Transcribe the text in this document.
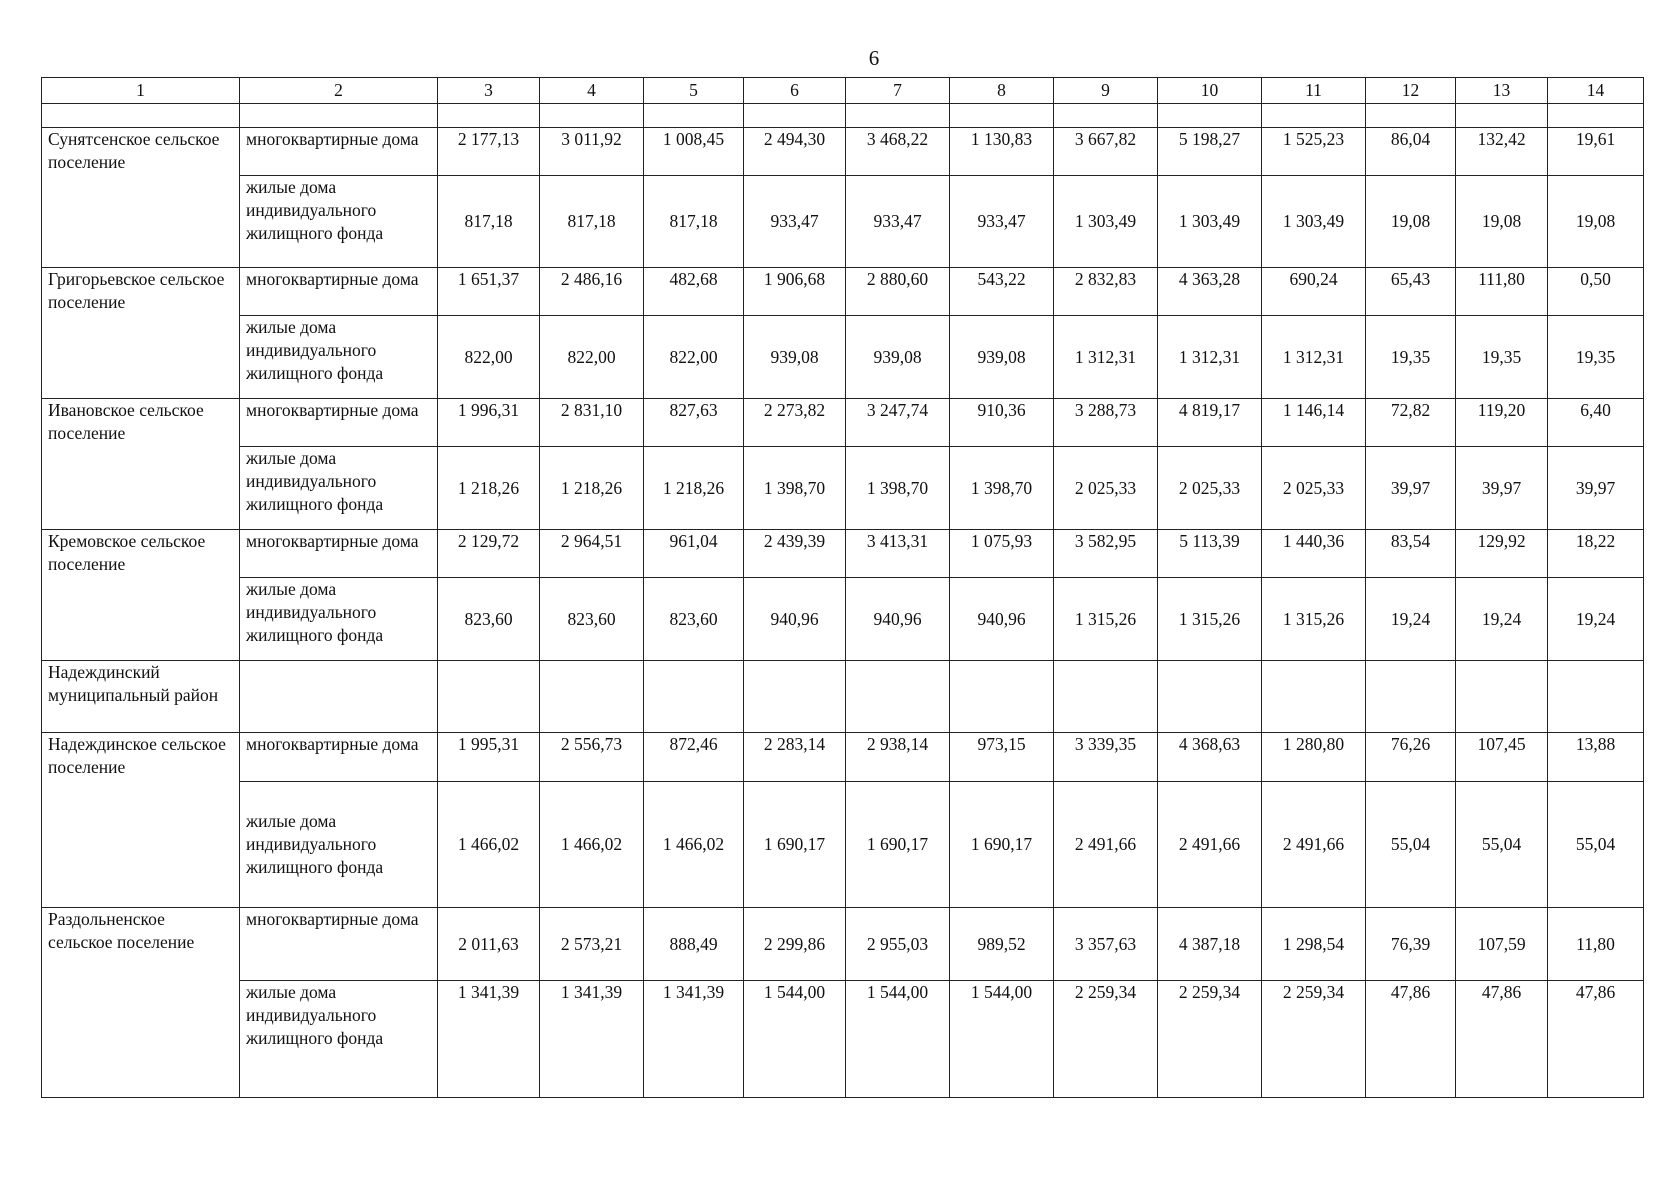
6
1	2	3	4	5	6	7	8	9	10	11	12	13	14

Сунятсенское сельское поселение	многоквартирные дома	2 177,13	3 011,92	1 008,45	2 494,30	3 468,22	1 130,83	3 667,82	5 198,27	1 525,23	86,04	132,42	19,61
	жилые дома индивидуального жилищного фонда	817,18	817,18	817,18	933,47	933,47	933,47	1 303,49	1 303,49	1 303,49	19,08	19,08	19,08
Григорьевское сельское поселение	многоквартирные дома	1 651,37	2 486,16	482,68	1 906,68	2 880,60	543,22	2 832,83	4 363,28	690,24	65,43	111,80	0,50
	жилые дома индивидуального жилищного фонда	822,00	822,00	822,00	939,08	939,08	939,08	1 312,31	1 312,31	1 312,31	19,35	19,35	19,35
Ивановское сельское поселение	многоквартирные дома	1 996,31	2 831,10	827,63	2 273,82	3 247,74	910,36	3 288,73	4 819,17	1 146,14	72,82	119,20	6,40
	жилые дома индивидуального жилищного фонда	1 218,26	1 218,26	1 218,26	1 398,70	1 398,70	1 398,70	2 025,33	2 025,33	2 025,33	39,97	39,97	39,97
Кремовское сельское поселение	многоквартирные дома	2 129,72	2 964,51	961,04	2 439,39	3 413,31	1 075,93	3 582,95	5 113,39	1 440,36	83,54	129,92	18,22
	жилые дома индивидуального жилищного фонда	823,60	823,60	823,60	940,96	940,96	940,96	1 315,26	1 315,26	1 315,26	19,24	19,24	19,24
Надеждинский муниципальный район													
Надеждинское сельское поселение	многоквартирные дома	1 995,31	2 556,73	872,46	2 283,14	2 938,14	973,15	3 339,35	4 368,63	1 280,80	76,26	107,45	13,88
	жилые дома индивидуального жилищного фонда	1 466,02	1 466,02	1 466,02	1 690,17	1 690,17	1 690,17	2 491,66	2 491,66	2 491,66	55,04	55,04	55,04
Раздольненское сельское поселение	многоквартирные дома	2 011,63	2 573,21	888,49	2 299,86	2 955,03	989,52	3 357,63	4 387,18	1 298,54	76,39	107,59	11,80
	жилые дома индивидуального жилищного фонда	1 341,39	1 341,39	1 341,39	1 544,00	1 544,00	1 544,00	2 259,34	2 259,34	2 259,34	47,86	47,86	47,86
